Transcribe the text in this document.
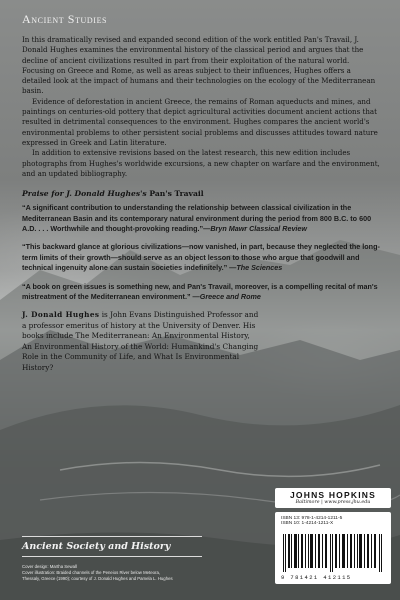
Ancient Studies

In this dramatically revised and expanded second edition of the work entitled Pan's Travail, J. Donald Hughes examines the environmental history of the classical period and argues that the decline of ancient civilizations resulted in part from their exploitation of the natural world. Focusing on Greece and Rome, as well as areas subject to their influences, Hughes offers a detailed look at the impact of humans and their technologies on the ecology of the Mediterranean basin.

Evidence of deforestation in ancient Greece, the remains of Roman aqueducts and mines, and paintings on centuries-old pottery that depict agricultural activities document ancient actions that resulted in detrimental consequences to the environment. Hughes compares the ancient world's environmental problems to other persistent social problems and discusses attitudes toward nature expressed in Greek and Latin literature.

In addition to extensive revisions based on the latest research, this new edition includes photographs from Hughes's worldwide excursions, a new chapter on warfare and the environment, and an updated bibliography.

Praise for J. Donald Hughes's Pan's Travail

“A significant contribution to understanding the relationship between classical civilization in the Mediterranean Basin and its contemporary natural environment during the period from 800 B.C. to 600 A.D. . . . Worthwhile and thought-provoking reading.”—Bryn Mawr Classical Review

“This backward glance at glorious civilizations—now vanished, in part, because they neglected the long-term limits of their growth—should serve as an object lesson to those who argue that goodwill and technical ingenuity alone can sustain societies indefinitely.” —The Sciences

“A book on green issues is something new, and Pan's Travail, moreover, is a compelling recital of man's mistreatment of the Mediterranean environment.” —Greece and Rome

J. Donald Hughes is John Evans Distinguished Professor and a professor emeritus of history at the University of Denver. His books include The Mediterranean: An Environmental History, An Environmental History of the World: Humankind's Changing Role in the Community of Life, and What Is Environmental History?

Ancient Society and History
Cover design: Martha Sewall
Cover illustration: Braided channels of the Peneios River below Meteora,
Thessaly, Greece (1990); courtesy of J. Donald Hughes and Pamela L. Hughes
JOHNS HOPKINS
Baltimore | www.press.jhu.edu
ISBN 13: 978-1-4214-1211-5
ISBN 10: 1-4214-1211-X
9 781421 412115
